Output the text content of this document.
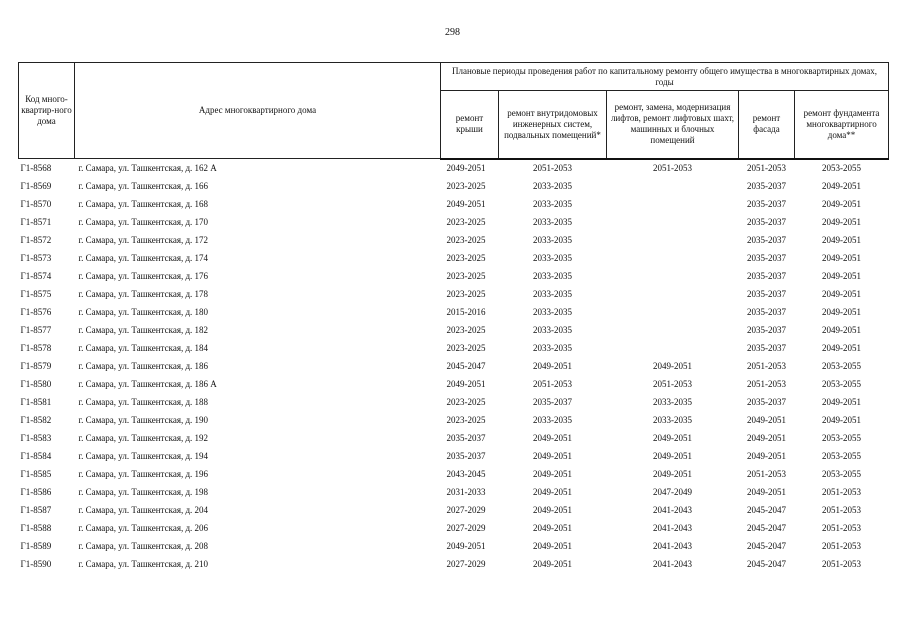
298
Код много-квартир-ного дома	Адрес многоквартирного дома	Плановые периоды проведения работ по капитальному ремонту общего имущества в многоквартирных домах, годы				
		ремонт крыши	ремонт внутридомовых инженерных систем, подвальных помещений*	ремонт, замена, модернизация лифтов, ремонт лифтовых шахт, машинных и блочных помещений	ремонт фасада	ремонт фундамента многоквартирного дома**
Г1-8568	г. Самара, ул. Ташкентская, д. 162 А	2049-2051	2051-2053	2051-2053	2051-2053	2053-2055
Г1-8569	г. Самара, ул. Ташкентская, д. 166	2023-2025	2033-2035		2035-2037	2049-2051
Г1-8570	г. Самара, ул. Ташкентская, д. 168	2049-2051	2033-2035		2035-2037	2049-2051
Г1-8571	г. Самара, ул. Ташкентская, д. 170	2023-2025	2033-2035		2035-2037	2049-2051
Г1-8572	г. Самара, ул. Ташкентская, д. 172	2023-2025	2033-2035		2035-2037	2049-2051
Г1-8573	г. Самара, ул. Ташкентская, д. 174	2023-2025	2033-2035		2035-2037	2049-2051
Г1-8574	г. Самара, ул. Ташкентская, д. 176	2023-2025	2033-2035		2035-2037	2049-2051
Г1-8575	г. Самара, ул. Ташкентская, д. 178	2023-2025	2033-2035		2035-2037	2049-2051
Г1-8576	г. Самара, ул. Ташкентская, д. 180	2015-2016	2033-2035		2035-2037	2049-2051
Г1-8577	г. Самара, ул. Ташкентская, д. 182	2023-2025	2033-2035		2035-2037	2049-2051
Г1-8578	г. Самара, ул. Ташкентская, д. 184	2023-2025	2033-2035		2035-2037	2049-2051
Г1-8579	г. Самара, ул. Ташкентская, д. 186	2045-2047	2049-2051	2049-2051	2051-2053	2053-2055
Г1-8580	г. Самара, ул. Ташкентская, д. 186 А	2049-2051	2051-2053	2051-2053	2051-2053	2053-2055
Г1-8581	г. Самара, ул. Ташкентская, д. 188	2023-2025	2035-2037	2033-2035	2035-2037	2049-2051
Г1-8582	г. Самара, ул. Ташкентская, д. 190	2023-2025	2033-2035	2033-2035	2049-2051	2049-2051
Г1-8583	г. Самара, ул. Ташкентская, д. 192	2035-2037	2049-2051	2049-2051	2049-2051	2053-2055
Г1-8584	г. Самара, ул. Ташкентская, д. 194	2035-2037	2049-2051	2049-2051	2049-2051	2053-2055
Г1-8585	г. Самара, ул. Ташкентская, д. 196	2043-2045	2049-2051	2049-2051	2051-2053	2053-2055
Г1-8586	г. Самара, ул. Ташкентская, д. 198	2031-2033	2049-2051	2047-2049	2049-2051	2051-2053
Г1-8587	г. Самара, ул. Ташкентская, д. 204	2027-2029	2049-2051	2041-2043	2045-2047	2051-2053
Г1-8588	г. Самара, ул. Ташкентская, д. 206	2027-2029	2049-2051	2041-2043	2045-2047	2051-2053
Г1-8589	г. Самара, ул. Ташкентская, д. 208	2049-2051	2049-2051	2041-2043	2045-2047	2051-2053
Г1-8590	г. Самара, ул. Ташкентская, д. 210	2027-2029	2049-2051	2041-2043	2045-2047	2051-2053
